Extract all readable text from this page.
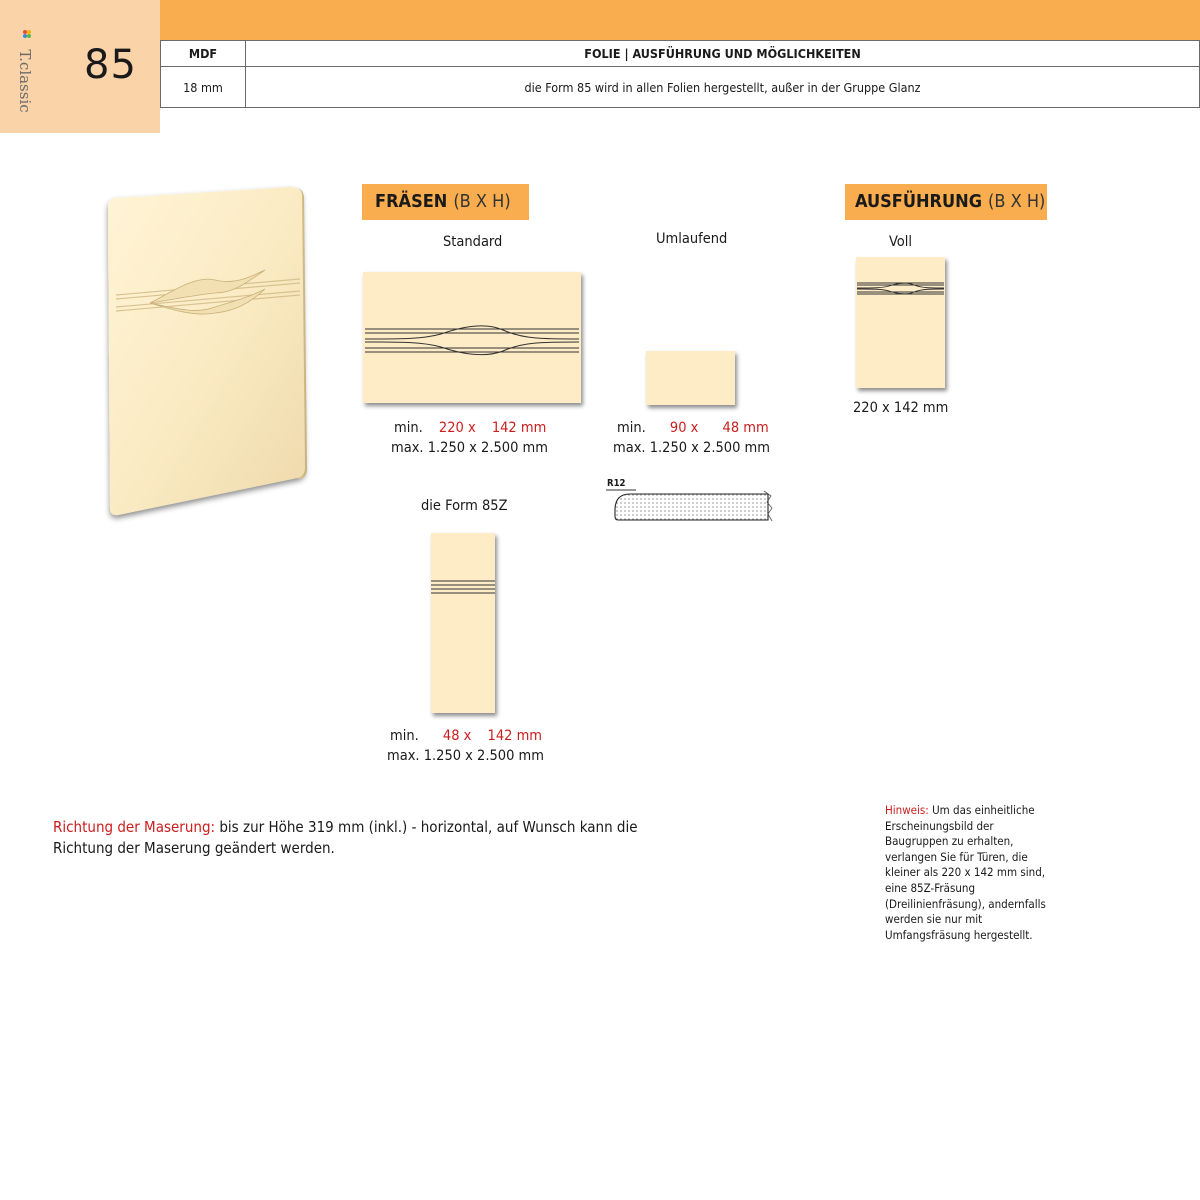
85
T.classic	MDF	FOLIE | AUSFÜHRUNG UND MÖGLICHKEITEN
18 mm	die Form 85 wird in allen Folien hergestellt, außer in der Gruppe Glanz
FRÄSEN (B X H)
Standard
min. 220 x 142 mm
max. 1.250 x 2.500 mm
Umlaufend
min. 90 x 48 mm
max. 1.250 x 2.500 mm
R12
die Form 85Z
min. 48 x 142 mm
max. 1.250 x 2.500 mm
AUSFÜHRUNG (B X H)
Voll
220 x 142 mm
Richtung der Maserung: bis zur Höhe 319 mm (inkl.) - horizontal, auf Wunsch kann die Richtung der Maserung geändert werden.
Hinweis: Um das einheitliche Erscheinungsbild der Baugruppen zu erhalten, verlangen Sie für Türen, die kleiner als 220 x 142 mm sind, eine 85Z-Fräsung (Dreilinienfräsung), andernfalls werden sie nur mit Umfangsfräsung hergestellt.
